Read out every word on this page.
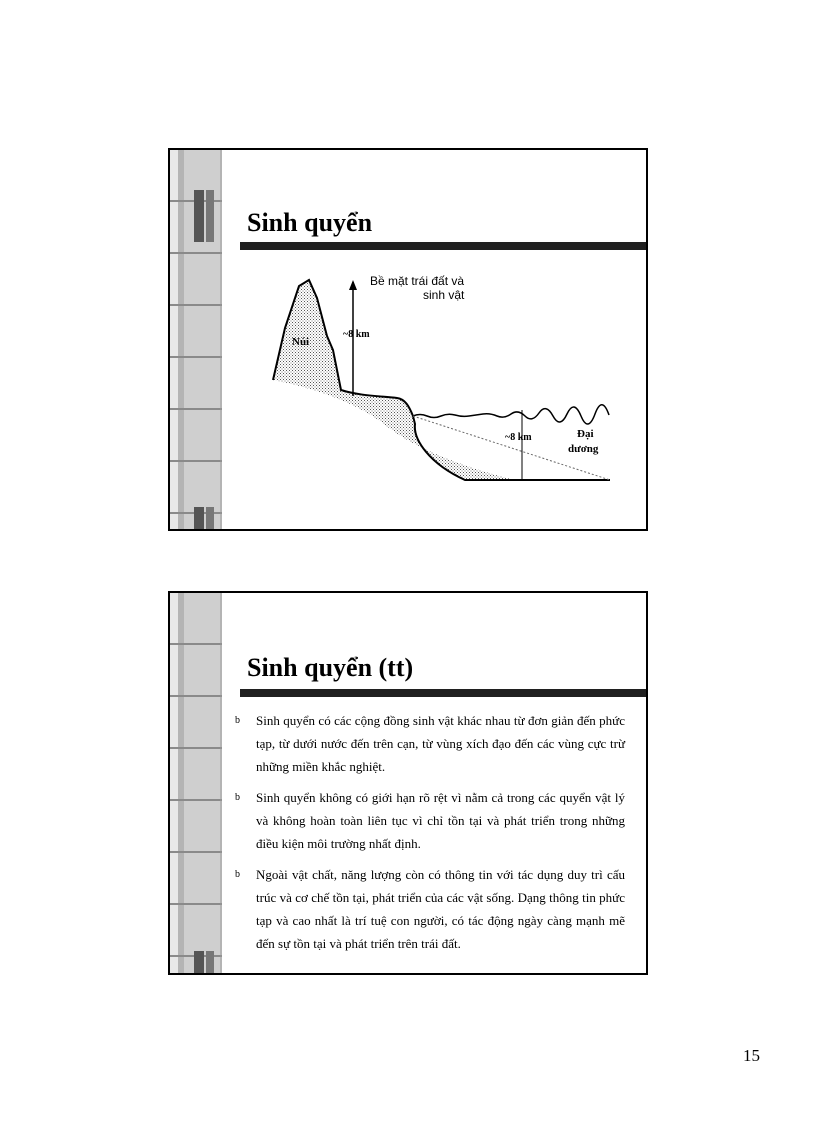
Sinh quyển
Bề mặt trái đất và
sinh vật
Núi
~8 km
~8 km	Đại
dương
Sinh quyển (tt)
b Sinh quyển có các cộng đồng sinh vật khác nhau từ đơn giản đến phức tạp, từ dưới nước đến trên cạn, từ vùng xích đạo đến các vùng cực trừ những miền khắc nghiệt.
b Sinh quyển không có giới hạn rõ rệt vì nằm cả trong các quyển vật lý và không hoàn toàn liên tục vì chỉ tồn tại và phát triển trong những điều kiện môi trường nhất định.
b Ngoài vật chất, năng lượng còn có thông tin với tác dụng duy trì cấu trúc và cơ chế tồn tại, phát triển của các vật sống. Dạng thông tin phức tạp và cao nhất là trí tuệ con người, có tác động ngày càng mạnh mẽ đến sự tồn tại và phát triển trên trái đất.
15
